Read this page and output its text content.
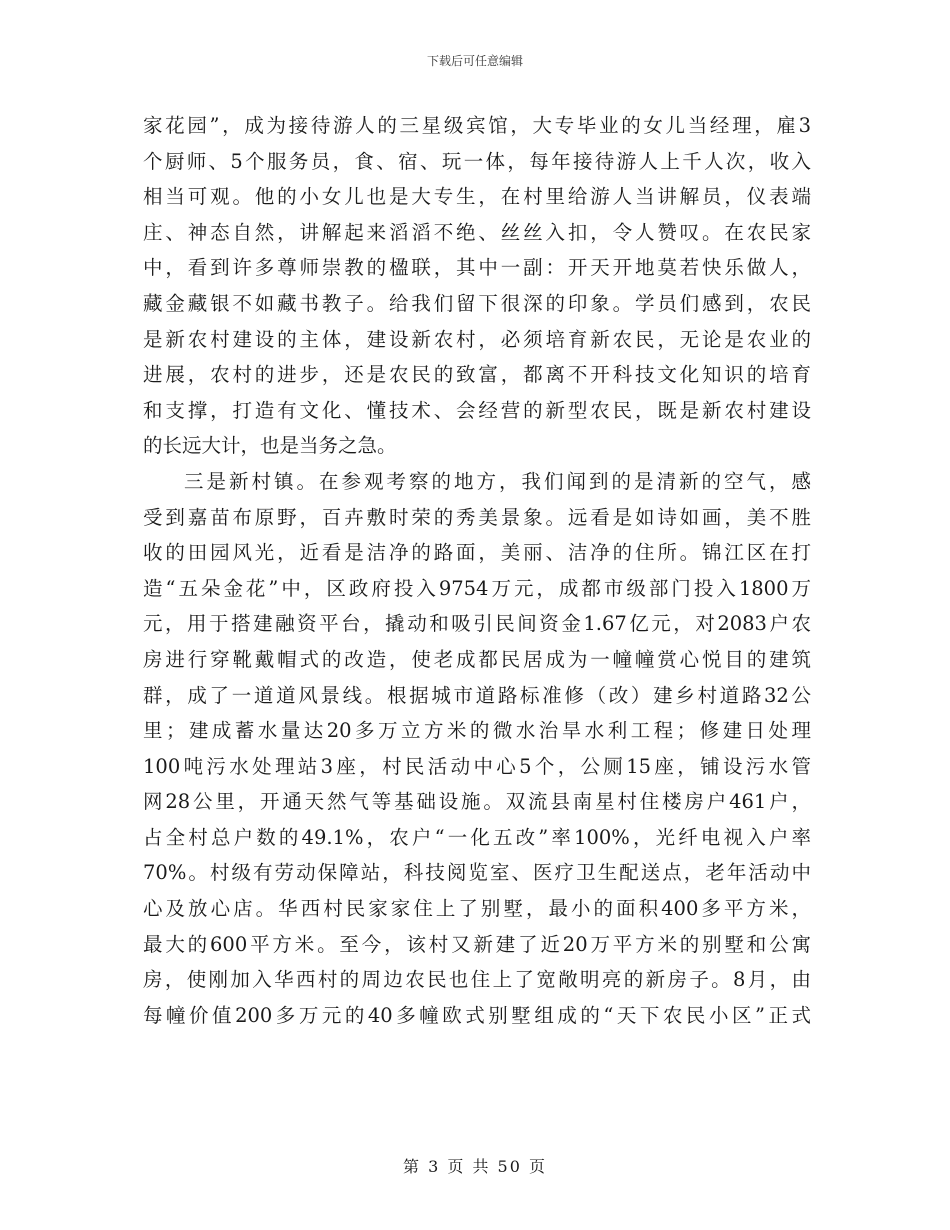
下载后可任意编辑
家花园”，成为接待游人的三星级宾馆，大专毕业的女儿当经理，雇3
个厨师、5个服务员，食、宿、玩一体，每年接待游人上千人次，收入
相当可观。他的小女儿也是大专生，在村里给游人当讲解员，仪表端
庄、神态自然，讲解起来滔滔不绝、丝丝入扣，令人赞叹。在农民家
中，看到许多尊师崇教的楹联，其中一副：开天开地莫若快乐做人，
藏金藏银不如藏书教子。给我们留下很深的印象。学员们感到，农民
是新农村建设的主体，建设新农村，必须培育新农民，无论是农业的
进展，农村的进步，还是农民的致富，都离不开科技文化知识的培育
和支撑，打造有文化、懂技术、会经营的新型农民，既是新农村建设
的长远大计，也是当务之急。
三是新村镇。在参观考察的地方，我们闻到的是清新的空气，感
受到嘉苗布原野，百卉敷时荣的秀美景象。远看是如诗如画，美不胜
收的田园风光，近看是洁净的路面，美丽、洁净的住所。锦江区在打
造“五朵金花”中，区政府投入9754万元，成都市级部门投入1800万
元，用于搭建融资平台，撬动和吸引民间资金1.67亿元，对2083户农
房进行穿靴戴帽式的改造，使老成都民居成为一幢幢赏心悦目的建筑
群，成了一道道风景线。根据城市道路标准修（改）建乡村道路32公
里；建成蓄水量达20多万立方米的微水治旱水利工程；修建日处理
100吨污水处理站3座，村民活动中心5个，公厕15座，铺设污水管
网28公里，开通天然气等基础设施。双流县南星村住楼房户461户，
占全村总户数的49.1%，农户“一化五改”率100%，光纤电视入户率
70%。村级有劳动保障站，科技阅览室、医疗卫生配送点，老年活动中
心及放心店。华西村民家家住上了别墅，最小的面积400多平方米，
最大的600平方米。至今，该村又新建了近20万平方米的别墅和公寓
房，使刚加入华西村的周边农民也住上了宽敞明亮的新房子。8月，由
每幢价值200多万元的40多幢欧式别墅组成的“天下农民小区”正式
第 3 页 共 50 页
